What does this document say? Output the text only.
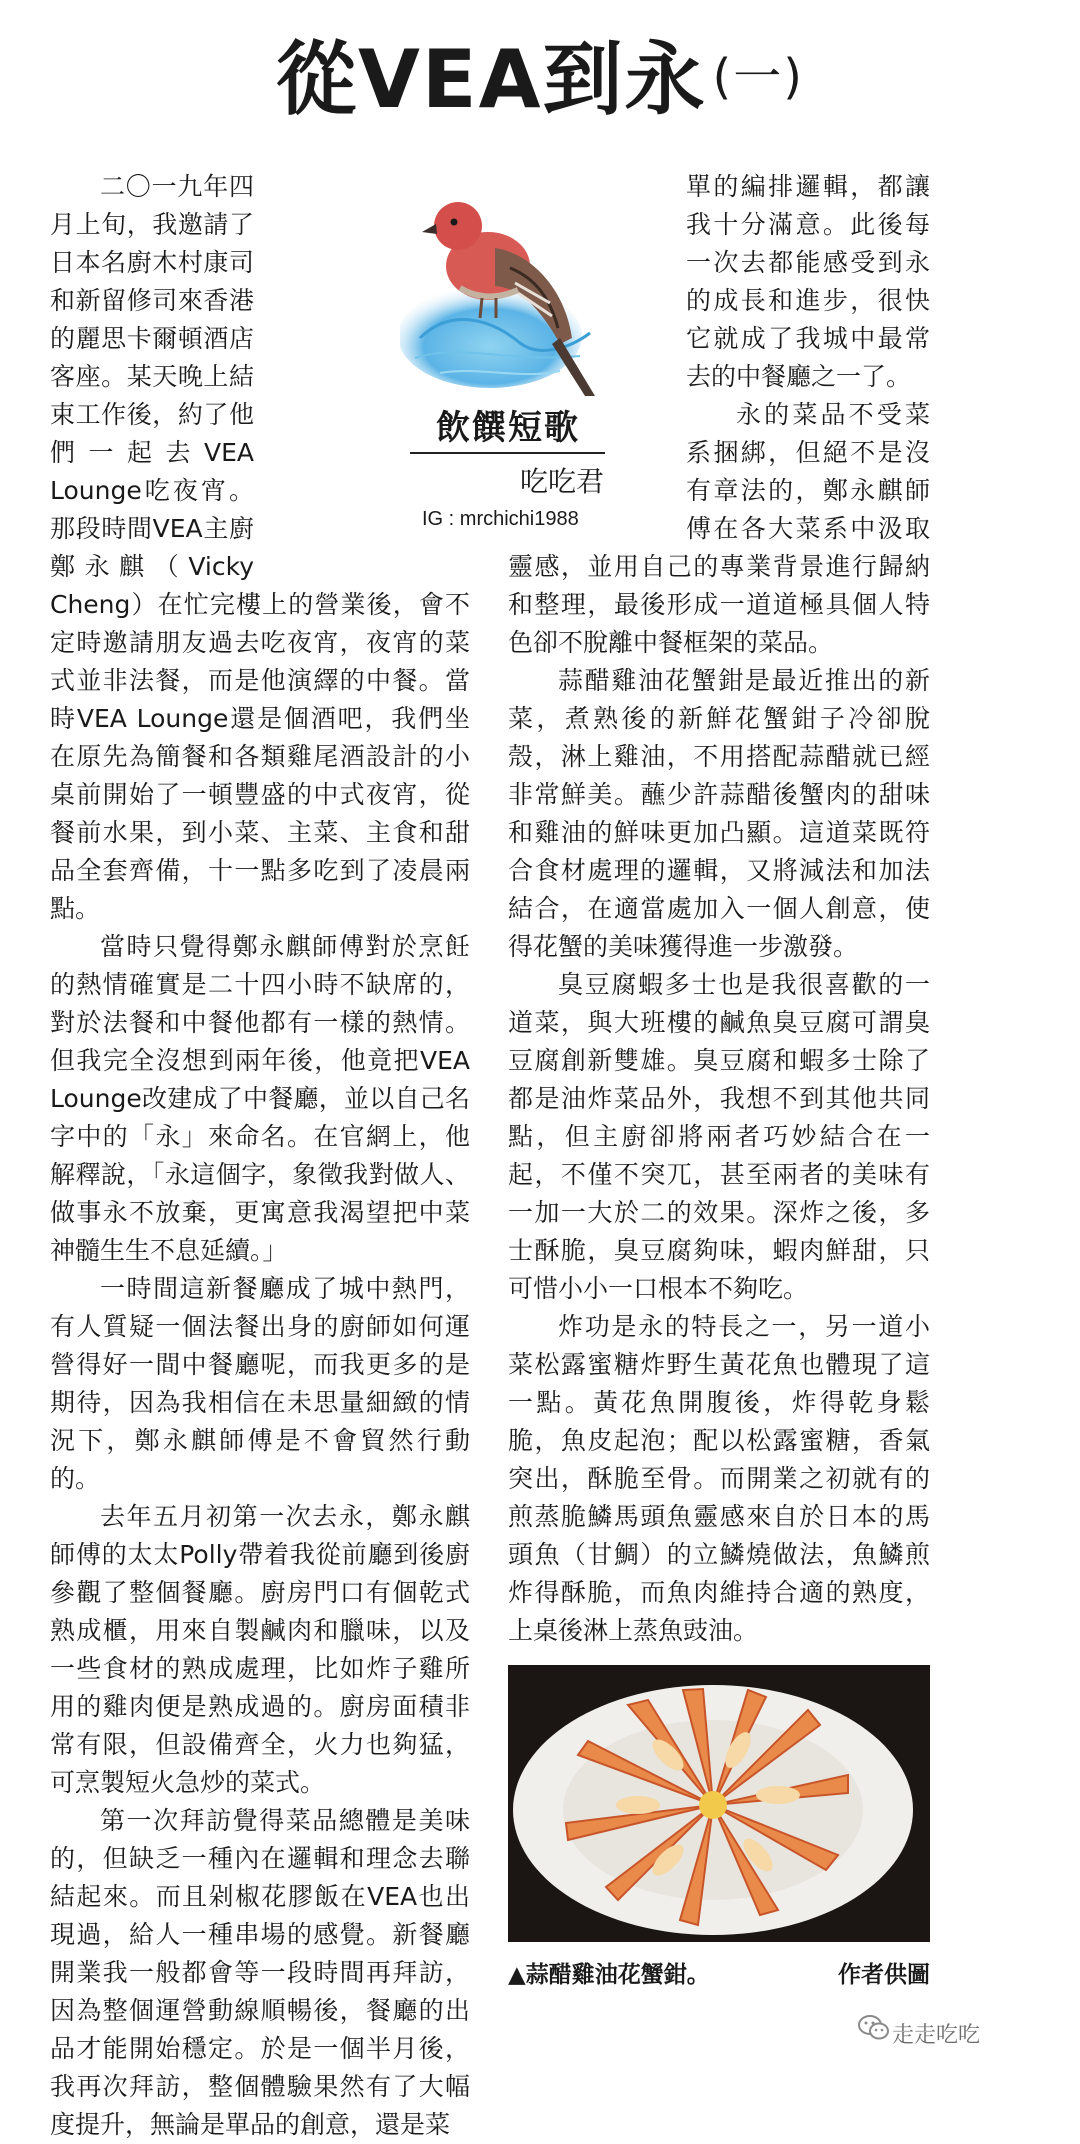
從VEA到永 (一)
飲饌短歌
吃吃君
IG : mrchichi1988

二〇一九年四月上旬，我邀請了日本名廚木村康司和新留修司來香港的麗思卡爾頓酒店客座。某天晚上結束工作後，約了他們一起去VEA Lounge吃夜宵。那段時間VEA主廚鄭永麒（Vicky Cheng）在忙完樓上的營業後，會不定時邀請朋友過去吃夜宵，夜宵的菜式並非法餐，而是他演繹的中餐。當時VEA Lounge還是個酒吧，我們坐在原先為簡餐和各類雞尾酒設計的小桌前開始了一頓豐盛的中式夜宵，從餐前水果，到小菜、主菜、主食和甜品全套齊備，十一點多吃到了凌晨兩點。

當時只覺得鄭永麒師傅對於烹飪的熱情確實是二十四小時不缺席的，對於法餐和中餐他都有一樣的熱情。但我完全沒想到兩年後，他竟把VEA Lounge改建成了中餐廳，並以自己名字中的「永」來命名。在官網上，他解釋說，「永這個字，象徵我對做人、做事永不放棄，更寓意我渴望把中菜神髓生生不息延續。」

一時間這新餐廳成了城中熱門，有人質疑一個法餐出身的廚師如何運營得好一間中餐廳呢，而我更多的是期待，因為我相信在未思量細緻的情況下，鄭永麒師傅是不會貿然行動的。

去年五月初第一次去永，鄭永麒師傅的太太Polly帶着我從前廳到後廚參觀了整個餐廳。廚房門口有個乾式熟成櫃，用來自製鹹肉和臘味，以及一些食材的熟成處理，比如炸子雞所用的雞肉便是熟成過的。廚房面積非常有限，但設備齊全，火力也夠猛，可烹製短火急炒的菜式。

第一次拜訪覺得菜品總體是美味的，但缺乏一種內在邏輯和理念去聯結起來。而且剁椒花膠飯在VEA也出現過，給人一種串場的感覺。新餐廳開業我一般都會等一段時間再拜訪，因為整個運營動線順暢後，餐廳的出品才能開始穩定。於是一個半月後，我再次拜訪，整個體驗果然有了大幅度提升，無論是單品的創意，還是菜

單的編排邏輯，都讓我十分滿意。此後每一次去都能感受到永的成長和進步，很快它就成了我城中最常去的中餐廳之一了。

永的菜品不受菜系捆綁，但絕不是沒有章法的，鄭永麒師傅在各大菜系中汲取靈感，並用自己的專業背景進行歸納和整理，最後形成一道道極具個人特色卻不脫離中餐框架的菜品。

蒜醋雞油花蟹鉗是最近推出的新菜，煮熟後的新鮮花蟹鉗子冷卻脫殼，淋上雞油，不用搭配蒜醋就已經非常鮮美。蘸少許蒜醋後蟹肉的甜味和雞油的鮮味更加凸顯。這道菜既符合食材處理的邏輯，又將減法和加法結合，在適當處加入一個人創意，使得花蟹的美味獲得進一步激發。

臭豆腐蝦多士也是我很喜歡的一道菜，與大班樓的鹹魚臭豆腐可謂臭豆腐創新雙雄。臭豆腐和蝦多士除了都是油炸菜品外，我想不到其他共同點，但主廚卻將兩者巧妙結合在一起，不僅不突兀，甚至兩者的美味有一加一大於二的效果。深炸之後，多士酥脆，臭豆腐夠味，蝦肉鮮甜，只可惜小小一口根本不夠吃。

炸功是永的特長之一，另一道小菜松露蜜糖炸野生黃花魚也體現了這一點。黃花魚開腹後，炸得乾身鬆脆，魚皮起泡；配以松露蜜糖，香氣突出，酥脆至骨。而開業之初就有的煎蒸脆鱗馬頭魚靈感來自於日本的馬頭魚（甘鯛）的立鱗燒做法，魚鱗煎炸得酥脆，而魚肉維持合適的熟度，上桌後淋上蒸魚豉油。

▲蒜醋雞油花蟹鉗。	作者供圖
走走吃吃
